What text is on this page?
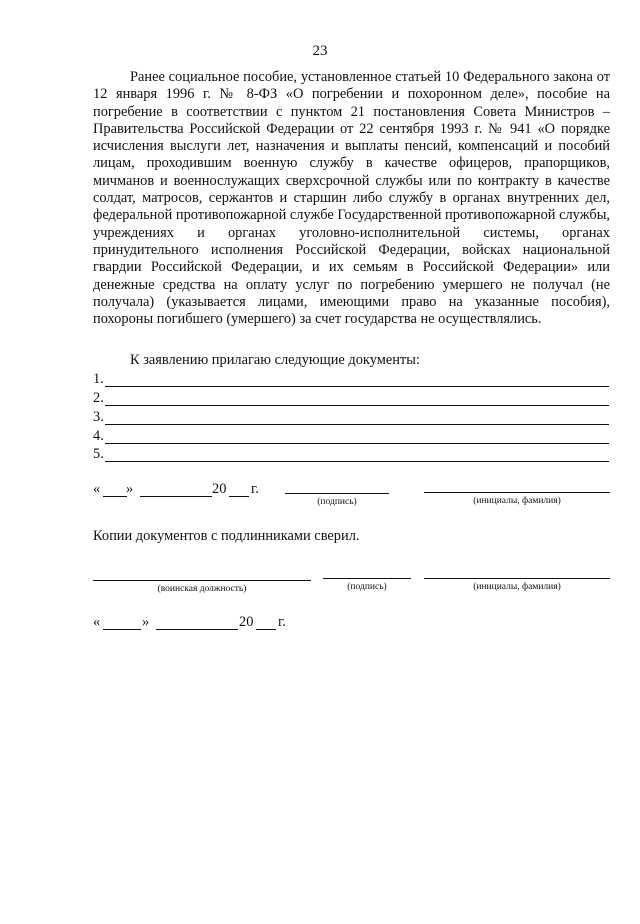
23

Ранее социальное пособие, установленное статьей 10 Федерального закона от 12 января 1996 г. № 8-ФЗ «О погребении и похоронном деле», пособие на погребение в соответствии с пунктом 21 постановления Совета Министров – Правительства Российской Федерации от 22 сентября 1993 г. № 941 «О порядке исчисления выслуги лет, назначения и выплаты пенсий, компенсаций и пособий лицам, проходившим военную службу в качестве офицеров, прапорщиков, мичманов и военнослужащих сверхсрочной службы или по контракту в качестве солдат, матросов, сержантов и старшин либо службу в органах внутренних дел, федеральной противопожарной службе Государственной противопожарной службы, учреждениях и органах уголовно-исполнительной системы, органах принудительного исполнения Российской Федерации, войсках национальной гвардии Российской Федерации, и их семьям в Российской Федерации» или денежные средства на оплату услуг по погребению умершего не получал (не получала) (указывается лицами, имеющими право на указанные пособия), похороны погибшего (умершего) за счет государства не осуществлялись.

К заявлению прилагаю следующие документы:
1.
2.
3.
4.
5.
« »	20 г.
(подпись)	(инициалы, фамилия)
Копии документов с подлинниками сверил.
(воинская должность)	(подпись)	(инициалы, фамилия)
«	»	20 г.
